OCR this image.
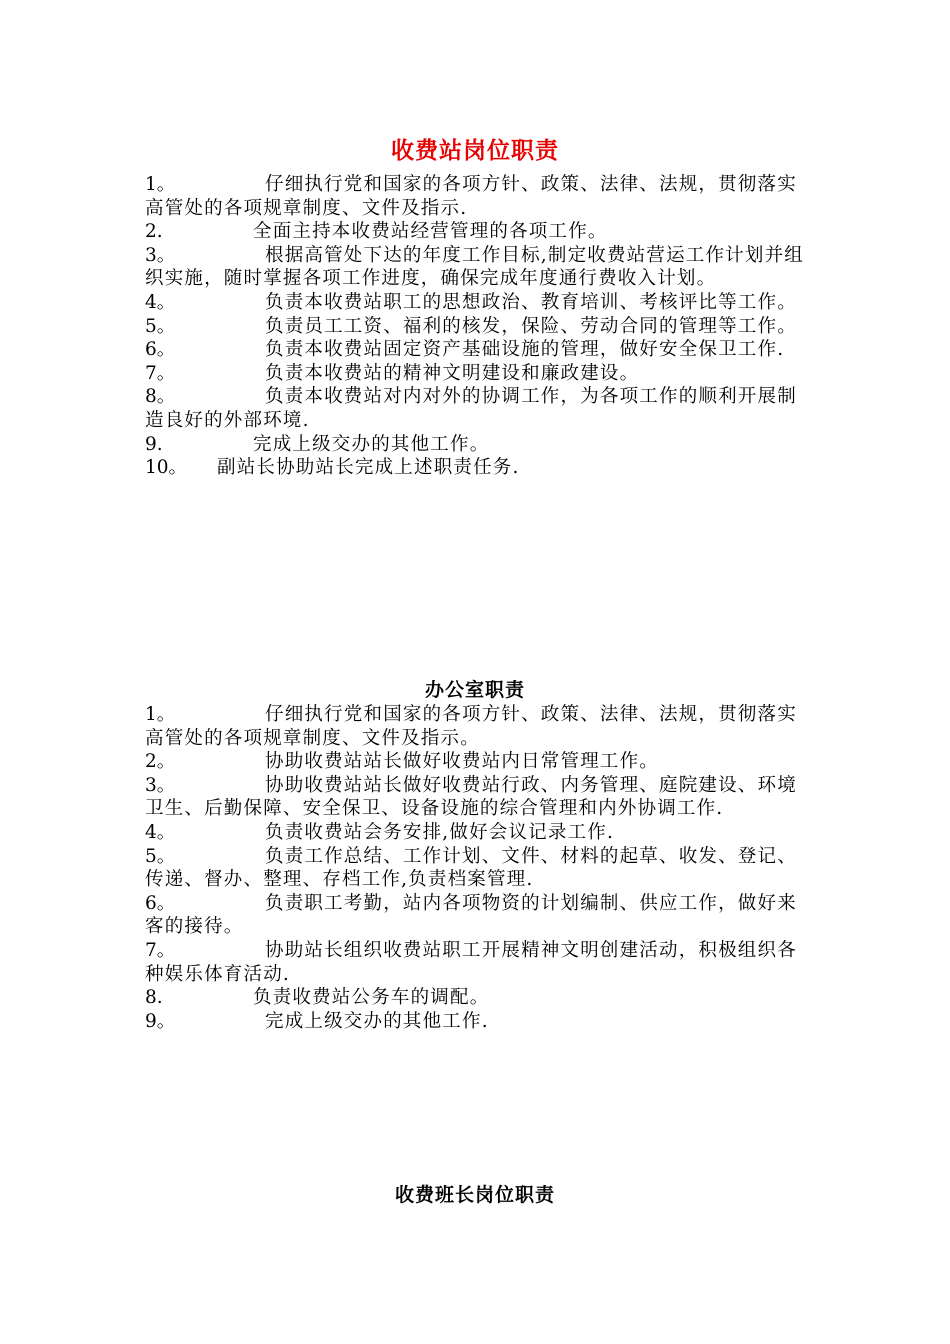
收费站岗位职责
1。	仔细执行党和国家的各项方针、政策、法律、法规，贯彻落实高管处的各项规章制度、文件及指示.
2.	全面主持本收费站经营管理的各项工作。
3。	根据高管处下达的年度工作目标,制定收费站营运工作计划并组织实施，随时掌握各项工作进度，确保完成年度通行费收入计划。
4。	负责本收费站职工的思想政治、教育培训、考核评比等工作。
5。	负责员工工资、福利的核发，保险、劳动合同的管理等工作。
6。	负责本收费站固定资产基础设施的管理，做好安全保卫工作.
7。	负责本收费站的精神文明建设和廉政建设。
8。	负责本收费站对内对外的协调工作，为各项工作的顺利开展制造良好的外部环境.
9.	完成上级交办的其他工作。
10。 副站长协助站长完成上述职责任务.
办公室职责
1。	仔细执行党和国家的各项方针、政策、法律、法规，贯彻落实高管处的各项规章制度、文件及指示。
2。	协助收费站站长做好收费站内日常管理工作。
3。	协助收费站站长做好收费站行政、内务管理、庭院建设、环境卫生、后勤保障、安全保卫、设备设施的综合管理和内外协调工作.
4。	负责收费站会务安排,做好会议记录工作.
5。	负责工作总结、工作计划、文件、材料的起草、收发、登记、传递、督办、整理、存档工作,负责档案管理.
6。	负责职工考勤，站内各项物资的计划编制、供应工作，做好来客的接待。
7。	协助站长组织收费站职工开展精神文明创建活动，积极组织各种娱乐体育活动.
8.	负责收费站公务车的调配。
9。	完成上级交办的其他工作.
收费班长岗位职责
